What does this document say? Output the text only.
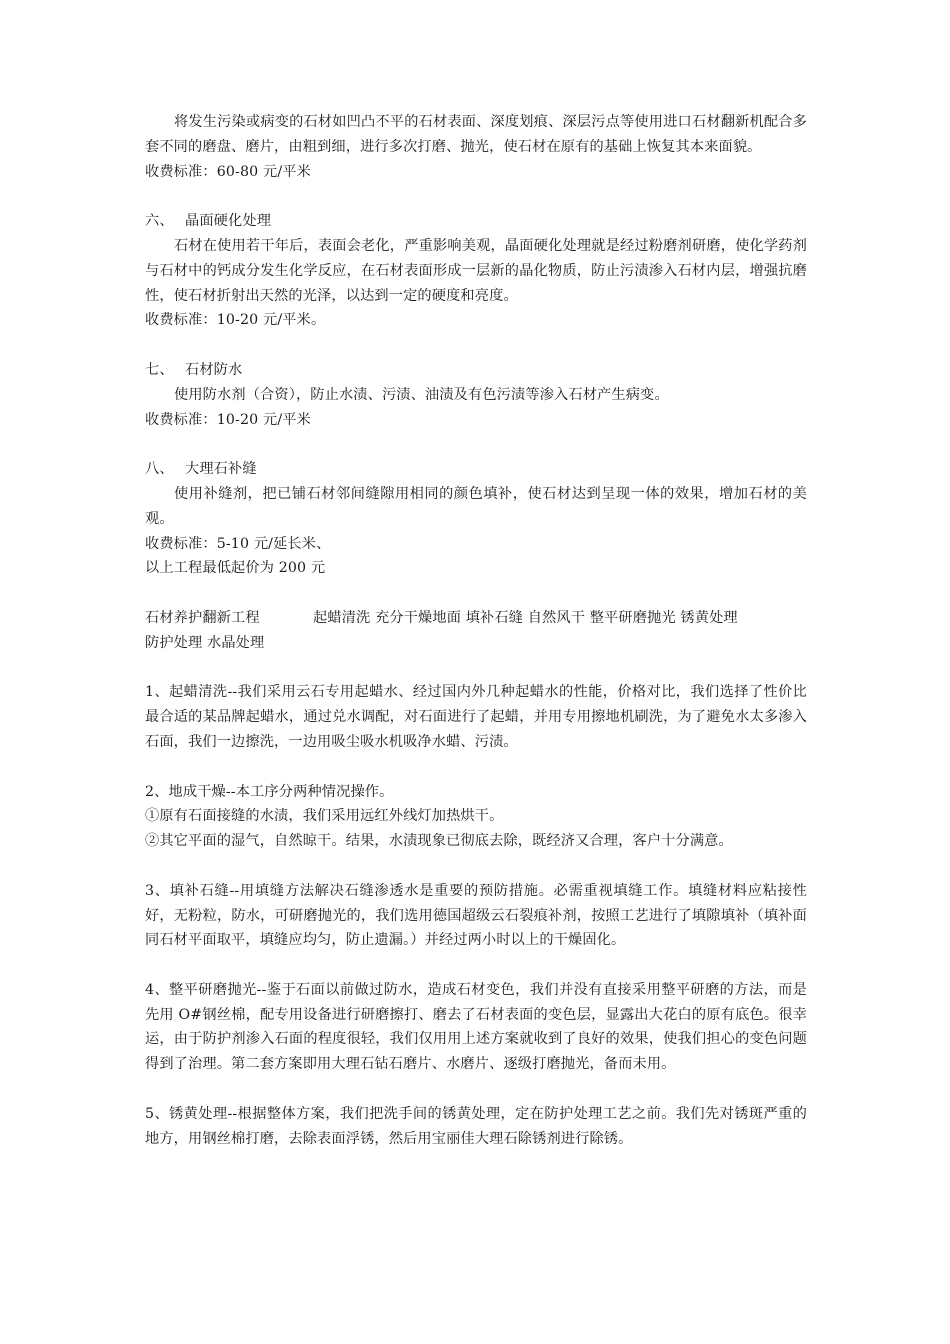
将发生污染或病变的石材如凹凸不平的石材表面、深度划痕、深层污点等使用进口石材翻新机配合多套不同的磨盘、磨片，由粗到细，进行多次打磨、抛光，使石材在原有的基础上恢复其本来面貌。

收费标准：60-80 元/平米

六、 晶面硬化处理

石材在使用若干年后，表面会老化，严重影响美观，晶面硬化处理就是经过粉磨剂研磨，使化学药剂与石材中的钙成分发生化学反应，在石材表面形成一层新的晶化物质，防止污渍渗入石材内层，增强抗磨性，使石材折射出天然的光泽，以达到一定的硬度和亮度。

收费标准：10-20 元/平米。

七、 石材防水

使用防水剂（合资），防止水渍、污渍、油渍及有色污渍等渗入石材产生病变。

收费标准：10-20 元/平米

八、 大理石补缝

使用补缝剂，把已铺石材邻间缝隙用相同的颜色填补，使石材达到呈现一体的效果，增加石材的美观。

收费标准：5-10 元/延长米、

以上工程最低起价为 200 元

石材养护翻新工程	起蜡清洗 充分干燥地面 填补石缝 自然风干 整平研磨抛光 锈黄处理

防护处理 水晶处理

1、起蜡清洗--我们采用云石专用起蜡水、经过国内外几种起蜡水的性能，价格对比，我们选择了性价比最合适的某品牌起蜡水，通过兑水调配，对石面进行了起蜡，并用专用擦地机刷洗，为了避免水太多渗入石面，我们一边擦洗，一边用吸尘吸水机吸净水蜡、污渍。

2、地成干燥--本工序分两种情况操作。

①原有石面接缝的水渍，我们采用远红外线灯加热烘干。

②其它平面的湿气，自然晾干。结果，水渍现象已彻底去除，既经济又合理，客户十分满意。

3、填补石缝--用填缝方法解决石缝渗透水是重要的预防措施。必需重视填缝工作。填缝材料应粘接性好，无粉粒，防水，可研磨抛光的，我们选用德国超级云石裂痕补剂，按照工艺进行了填隙填补（填补面同石材平面取平，填缝应均匀，防止遗漏。）并经过两小时以上的干燥固化。

4、整平研磨抛光--鉴于石面以前做过防水，造成石材变色，我们并没有直接采用整平研磨的方法，而是先用 O#钢丝棉，配专用设备进行研磨擦打、磨去了石材表面的变色层，显露出大花白的原有底色。很幸运，由于防护剂渗入石面的程度很轻，我们仅用用上述方案就收到了良好的效果，使我们担心的变色问题得到了治理。第二套方案即用大理石钻石磨片、水磨片、逐级打磨抛光，备而未用。

5、锈黄处理--根据整体方案，我们把洗手间的锈黄处理，定在防护处理工艺之前。我们先对锈斑严重的地方，用钢丝棉打磨，去除表面浮锈，然后用宝丽佳大理石除锈剂进行除锈。
